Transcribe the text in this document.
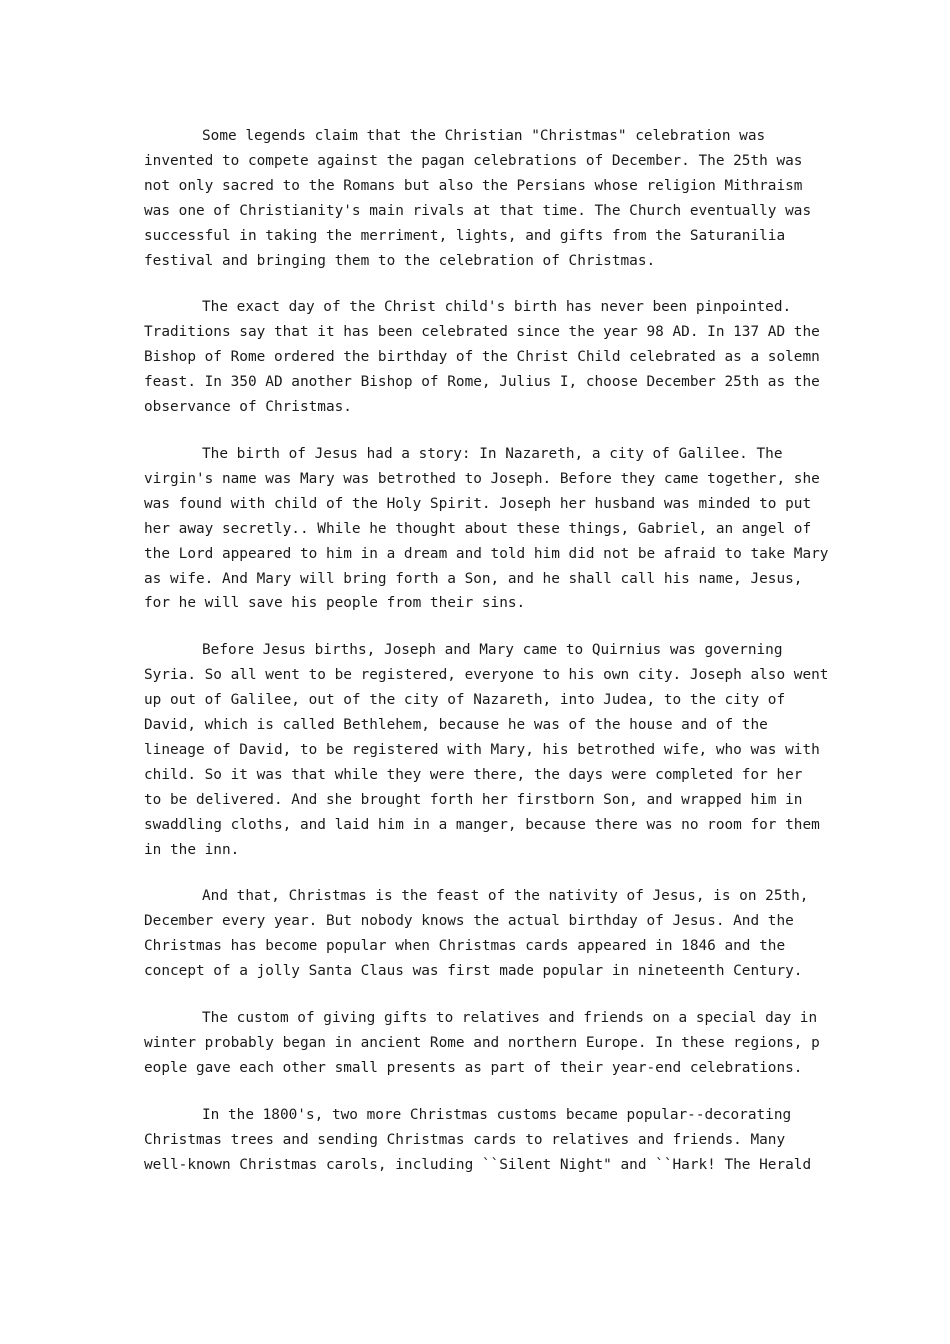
Some legends claim that the Christian "Christmas" celebration was
invented to compete against the pagan celebrations of December. The 25th was
not only sacred to the Romans but also the Persians whose religion Mithraism
was one of Christianity's main rivals at that time. The Church eventually was
successful in taking the merriment, lights, and gifts from the Saturanilia
festival and bringing them to the celebration of Christmas.

The exact day of the Christ child's birth has never been pinpointed.
Traditions say that it has been celebrated since the year 98 AD. In 137 AD the
Bishop of Rome ordered the birthday of the Christ Child celebrated as a solemn
feast. In 350 AD another Bishop of Rome, Julius I, choose December 25th as the
observance of Christmas.

The birth of Jesus had a story: In Nazareth, a city of Galilee. The
virgin's name was Mary was betrothed to Joseph. Before they came together, she
was found with child of the Holy Spirit. Joseph her husband was minded to put
her away secretly.. While he thought about these things, Gabriel, an angel of
the Lord appeared to him in a dream and told him did not be afraid to take Mary
as wife. And Mary will bring forth a Son, and he shall call his name, Jesus,
for he will save his people from their sins.

Before Jesus births, Joseph and Mary came to Quirnius was governing
Syria. So all went to be registered, everyone to his own city. Joseph also went
up out of Galilee, out of the city of Nazareth, into Judea, to the city of
David, which is called Bethlehem, because he was of the house and of the
lineage of David, to be registered with Mary, his betrothed wife, who was with
child. So it was that while they were there, the days were completed for her
to be delivered. And she brought forth her firstborn Son, and wrapped him in
swaddling cloths, and laid him in a manger, because there was no room for them
in the inn.

And that, Christmas is the feast of the nativity of Jesus, is on 25th,
December every year. But nobody knows the actual birthday of Jesus. And the
Christmas has become popular when Christmas cards appeared in 1846 and the
concept of a jolly Santa Claus was first made popular in nineteenth Century.

The custom of giving gifts to relatives and friends on a special day in
winter probably began in ancient Rome and northern Europe. In these regions, p
eople gave each other small presents as part of their year-end celebrations.

In the 1800's, two more Christmas customs became popular--decorating
Christmas trees and sending Christmas cards to relatives and friends. Many
well-known Christmas carols, including ``Silent Night" and ``Hark! The Herald
